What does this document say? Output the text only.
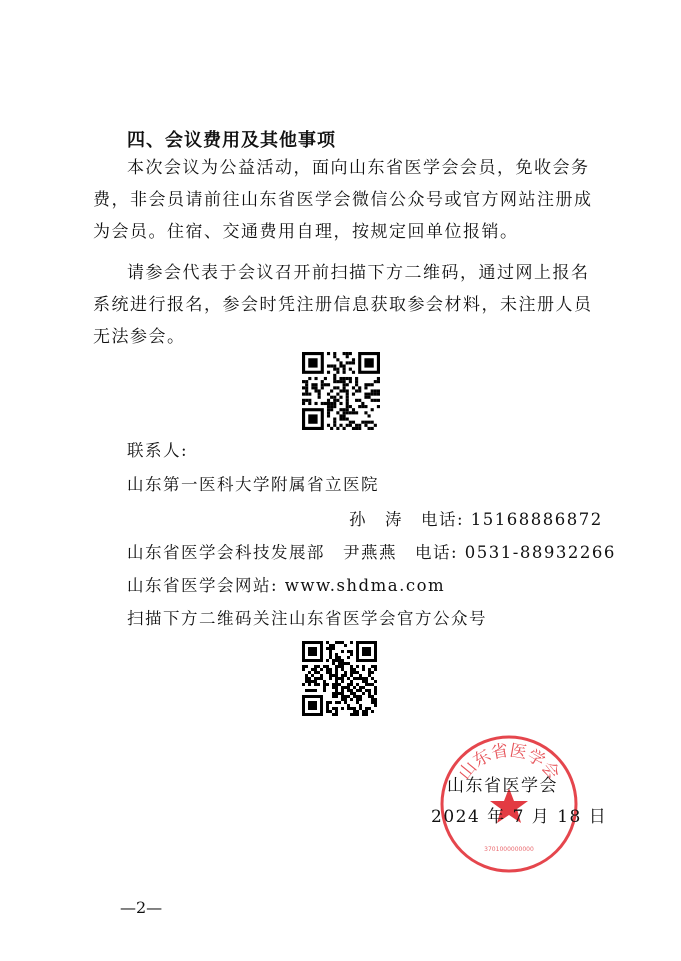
四、会议费用及其他事项
本次会议为公益活动，面向山东省医学会会员，免收会务
费，非会员请前往山东省医学会微信公众号或官方网站注册成
为会员。住宿、交通费用自理，按规定回单位报销。
请参会代表于会议召开前扫描下方二维码，通过网上报名
系统进行报名，参会时凭注册信息获取参会材料，未注册人员
无法参会。
联系人:
山东第一医科大学附属省立医院
孙　涛　电话: 15168886872
山东省医学会科技发展部　尹燕燕　电话: 0531-88932266
山东省医学会网站: www.shdma.com
扫描下方二维码关注山东省医学会官方公众号
山东省医学会
3701000000000
山东省医学会
2024 年 7 月 18 日
—2—
